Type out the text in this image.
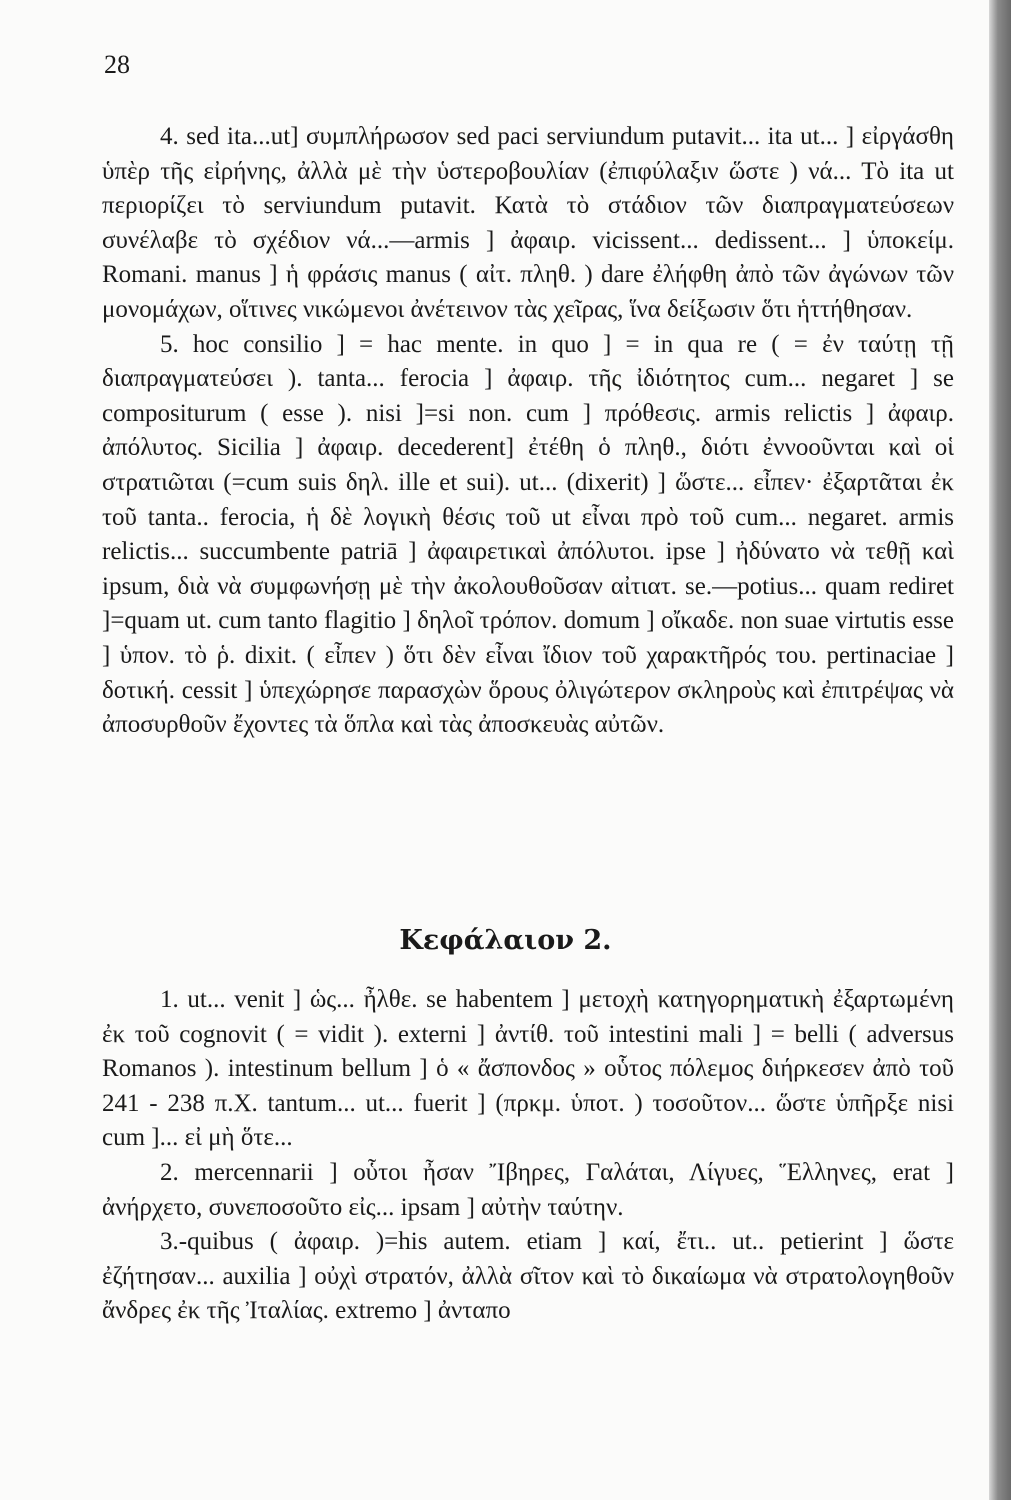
28

4. sed ita...ut] συμπλήρωσον sed pаci serviundum putavit... ita ut... ] εἰργάσθη ὑπὲρ τῆς εἰρήνης, ἀλλὰ μὲ τὴν ὑστεροβουλίαν (ἐπιφύλαξιν ὥστε ) νά... Τὸ ita ut περιορίζει τὸ serviundum putavit. Κατὰ τὸ στάδιον τῶν διαπραγματεύσεων συνέλαβε τὸ σχέδιον νά...—armis ] ἀφαιρ. vicissent... dedissent... ] ὑποκείμ. Romani. manus ] ἡ φράσις manus ( αἰτ. πληθ. ) dare ἐλήφθη ἀπὸ τῶν ἀγώνων τῶν μονομάχων, οἵτινες νικώμενοι ἀνέτεινον τὰς χεῖρας, ἵνα δείξωσιν ὅτι ἡττήθησαν.

5. hoc consilio ] = hac mente. in quo ] = in qua re ( = ἐν ταύτῃ τῇ διαπραγματεύσει ). tanta... ferocia ] ἀφαιρ. τῆς ἰδιότητος cum... negaret ] se compositurum ( esse ). nisi ]=si non. cum ] πρόθεσις. armis relictis ] ἀφαιρ. ἀπόλυτος. Sicilia ] ἀφαιρ. decederent] ἐτέθη ὁ πληθ., διότι ἐννοοῦνται καὶ οἱ στρατιῶται (=cum suis δηλ. ille et sui). ut... (dixerit) ] ὥστε... εἶπεν· ἐξαρτᾶται ἐκ τοῦ tanta.. ferocia, ἡ δὲ λογικὴ θέσις τοῦ ut εἶναι πρὸ τοῦ cum... negaret. armis relictis... succumbente patriā ] ἀφαιρετικαὶ ἀπόλυτοι. ipse ] ἠδύνατο νὰ τεθῇ καὶ ipsum, διὰ νὰ συμφωνήσῃ μὲ τὴν ἀκολουθοῦσαν αἰτιατ. se.—potius... quam rediret ]=quam ut. cum tanto flagitio ] δηλοῖ τρόπον. domum ] οἴκαδε. non suae virtutis esse ] ὑπον. τὸ ῥ. dixit. ( εἶπεν ) ὅτι δὲν εἶναι ἴδιον τοῦ χαρακτῆρός του. pertinaciae ] δοτική. cessit ] ὑπεχώρησε παρασχὼν ὅρους ὀλιγώτερον σκληροὺς καὶ ἐπιτρέψας νὰ ἀποσυρθοῦν ἔχοντες τὰ ὅπλα καὶ τὰς ἀποσκευὰς αὐτῶν.

Κεφάλαιον 2.

1. ut... venit ] ὡς... ἦλθε. se habentem ] μετοχὴ κατηγορηματικὴ ἐξαρτωμένη ἐκ τοῦ cognovit ( = vidit ). externi ] ἀντίθ. τοῦ intestini mali ] = belli ( adversus Romanos ). intestinum bellum ] ὁ « ἄσπονδος » οὗτος πόλεμος διήρκεσεν ἀπὸ τοῦ 241 - 238 π.Χ. tantum... ut... fuerit ] (πρκμ. ὑποτ. ) τοσοῦτον... ὥστε ὑπῆρξε nisi cum ]... εἰ μὴ ὅτε...

2. mercennarii ] οὗτοι ἦσαν Ἴβηρες, Γαλάται, Λίγυες, Ἕλληνες, erat ] ἀνήρχετο, συνεποσοῦτο εἰς... ipsam ] αὐτὴν ταύτην.

3.-quibus ( ἀφαιρ. )=his autem. etiam ] καί, ἔτι.. ut.. petierint ] ὥστε ἐζήτησαν... auxilia ] οὐχὶ στρατόν, ἀλλὰ σῖτον καὶ τὸ δικαίωμα νὰ στρατολογηθοῦν ἄνδρες ἐκ τῆς Ἰταλίας. extremo ] ἀνταπο
